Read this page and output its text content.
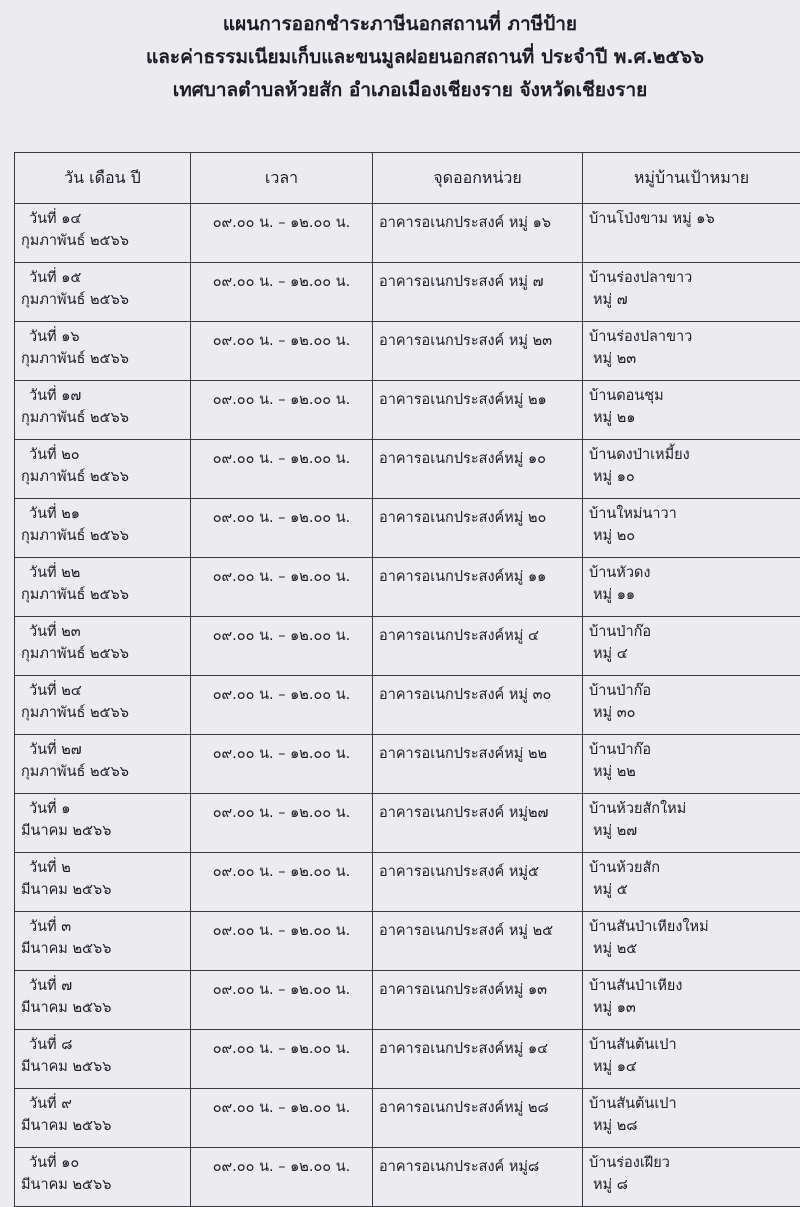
แผนการออกชำระภาษีนอกสถานที่ ภาษีป้าย
และค่าธรรมเนียมเก็บและขนมูลฝอยนอกสถานที่ ประจำปี พ.ศ.๒๕๖๖
เทศบาลตำบลห้วยสัก อำเภอเมืองเชียงราย จังหวัดเชียงราย
วัน เดือน ปี	เวลา	จุดออกหน่วย	หมู่บ้านเป้าหมาย

วันที่ ๑๔
กุมภาพันธ์ ๒๕๖๖	๐๙.๐๐ น. – ๑๒.๐๐ น.	อาคารอเนกประสงค์ หมู่ ๑๖	บ้านโป่งขาม หมู่ ๑๖

วันที่ ๑๕
กุมภาพันธ์ ๒๕๖๖	๐๙.๐๐ น. – ๑๒.๐๐ น.	อาคารอเนกประสงค์ หมู่ ๗	บ้านร่องปลาขาว
หมู่ ๗

วันที่ ๑๖
กุมภาพันธ์ ๒๕๖๖	๐๙.๐๐ น. – ๑๒.๐๐ น.	อาคารอเนกประสงค์ หมู่ ๒๓	บ้านร่องปลาขาว
หมู่ ๒๓

วันที่ ๑๗
กุมภาพันธ์ ๒๕๖๖	๐๙.๐๐ น. – ๑๒.๐๐ น.	อาคารอเนกประสงค์หมู่ ๒๑	บ้านดอนชุม
หมู่ ๒๑

วันที่ ๒๐
กุมภาพันธ์ ๒๕๖๖	๐๙.๐๐ น. – ๑๒.๐๐ น.	อาคารอเนกประสงค์หมู่ ๑๐	บ้านดงป่าเหมี้ยง
หมู่ ๑๐

วันที่ ๒๑
กุมภาพันธ์ ๒๕๖๖	๐๙.๐๐ น. – ๑๒.๐๐ น.	อาคารอเนกประสงค์หมู่ ๒๐	บ้านใหม่นาวา
หมู่ ๒๐

วันที่ ๒๒
กุมภาพันธ์ ๒๕๖๖	๐๙.๐๐ น. – ๑๒.๐๐ น.	อาคารอเนกประสงค์หมู่ ๑๑	บ้านหัวดง
หมู่ ๑๑

วันที่ ๒๓
กุมภาพันธ์ ๒๕๖๖	๐๙.๐๐ น. – ๑๒.๐๐ น.	อาคารอเนกประสงค์หมู่ ๔	บ้านป่าก๊อ
หมู่ ๔

วันที่ ๒๔
กุมภาพันธ์ ๒๕๖๖	๐๙.๐๐ น. – ๑๒.๐๐ น.	อาคารอเนกประสงค์ หมู่ ๓๐	บ้านป่าก๊อ
หมู่ ๓๐

วันที่ ๒๗
กุมภาพันธ์ ๒๕๖๖	๐๙.๐๐ น. – ๑๒.๐๐ น.	อาคารอเนกประสงค์หมู่ ๒๒	บ้านป่าก๊อ
หมู่ ๒๒

วันที่ ๑
มีนาคม ๒๕๖๖	๐๙.๐๐ น. – ๑๒.๐๐ น.	อาคารอเนกประสงค์ หมู่๒๗	บ้านห้วยสักใหม่
หมู่ ๒๗

วันที่ ๒
มีนาคม ๒๕๖๖	๐๙.๐๐ น. – ๑๒.๐๐ น.	อาคารอเนกประสงค์ หมู่๕	บ้านห้วยสัก
หมู่ ๕

วันที่ ๓
มีนาคม ๒๕๖๖	๐๙.๐๐ น. – ๑๒.๐๐ น.	อาคารอเนกประสงค์ หมู่ ๒๕	บ้านสันป่าเหียงใหม่
หมู่ ๒๕

วันที่ ๗
มีนาคม ๒๕๖๖	๐๙.๐๐ น. – ๑๒.๐๐ น.	อาคารอเนกประสงค์หมู่ ๑๓	บ้านสันป่าเหียง
หมู่ ๑๓

วันที่ ๘
มีนาคม ๒๕๖๖	๐๙.๐๐ น. – ๑๒.๐๐ น.	อาคารอเนกประสงค์หมู่ ๑๔	บ้านสันต้นเปา
หมู่ ๑๔

วันที่ ๙
มีนาคม ๒๕๖๖	๐๙.๐๐ น. – ๑๒.๐๐ น.	อาคารอเนกประสงค์หมู่ ๒๘	บ้านสันต้นเปา
หมู่ ๒๘

วันที่ ๑๐
มีนาคม ๒๕๖๖	๐๙.๐๐ น. – ๑๒.๐๐ น.	อาคารอเนกประสงค์ หมู่๘	บ้านร่องเฝียว
หมู่ ๘
